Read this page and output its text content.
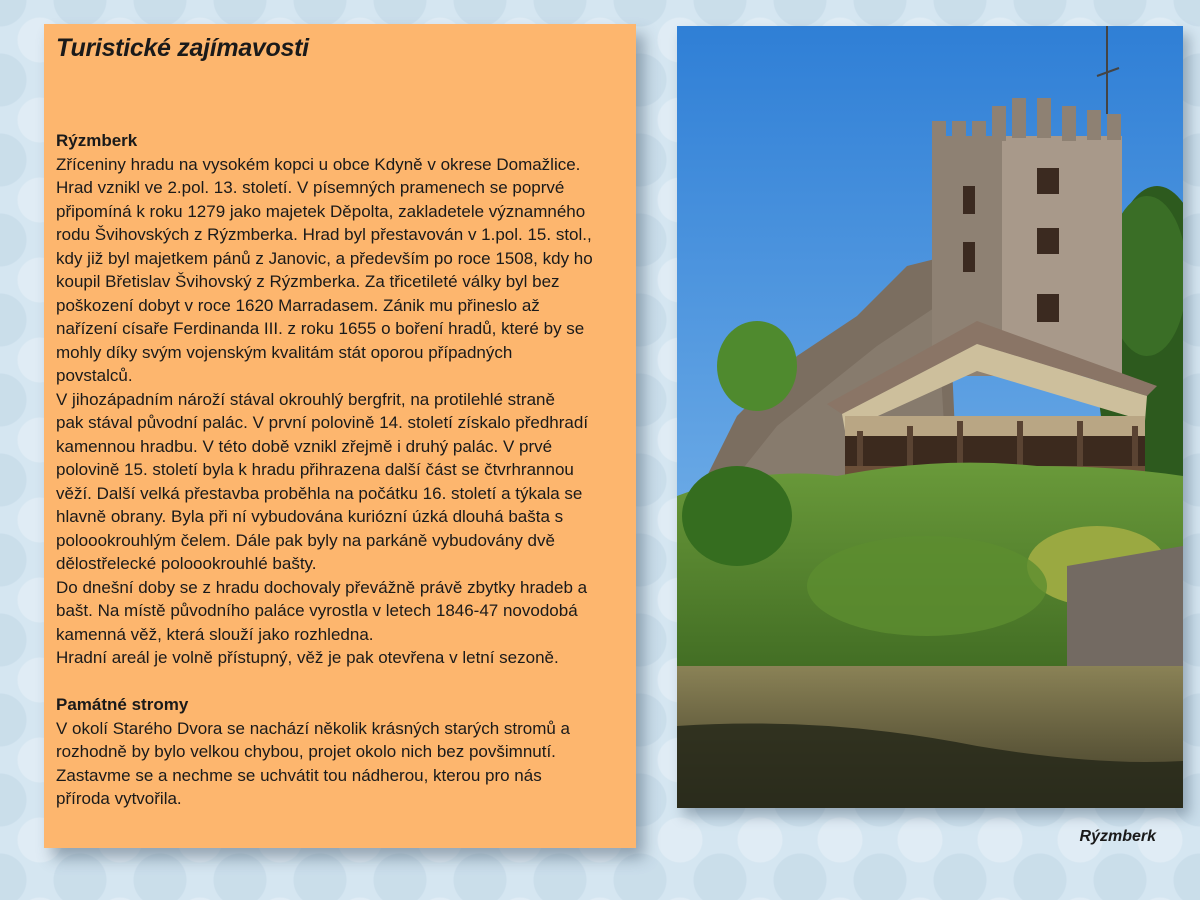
Turistické zajímavosti

Rýzmberk

Zříceniny hradu na vysokém kopci u obce Kdyně v okrese Domažlice.
Hrad vznikl ve 2.pol. 13. století. V písemných pramenech se poprvé
připomíná k roku 1279 jako majetek Děpolta, zakladetele významného
rodu Švihovských z Rýzmberka. Hrad byl přestavován v 1.pol. 15. stol.,
kdy již byl majetkem pánů z Janovic, a především po roce 1508, kdy ho
koupil Břetislav Švihovský z Rýzmberka. Za třicetileté války byl bez
poškození dobyt v roce 1620 Marradasem. Zánik mu přineslo až
nařízení císaře Ferdinanda III. z roku 1655 o boření hradů, které by se
mohly díky svým vojenským kvalitám stát oporou případných
povstalců.

V jihozápadním nároží stával okrouhlý bergfrit, na protilehlé straně
pak stával původní palác. V první polovině 14. století získalo předhradí
kamennou hradbu. V této době vznikl zřejmě i druhý palác. V prvé
polovině 15. století byla k hradu přihrazena další část se čtvrhrannou
věží. Další velká přestavba proběhla na počátku 16. století a týkala se
hlavně obrany. Byla při ní vybudována kuriózní úzká dlouhá bašta s
poloookrouhlým čelem. Dále pak byly na parkáně vybudovány dvě
dělostřelecké poloookrouhlé bašty.

Do dnešní doby se z hradu dochovaly převážně právě zbytky hradeb a
bašt. Na místě původního paláce vyrostla v letech 1846-47 novodobá
kamenná věž, která slouží jako rozhledna.

Hradní areál je volně přístupný, věž je pak otevřena v letní sezoně.

Památné stromy

V okolí Starého Dvora se nachází několik krásných starých stromů a
rozhodně by bylo velkou chybou, projet okolo nich bez povšimnutí.
Zastavme se a nechme se uchvátit tou nádherou, kterou pro nás
příroda vytvořila.

Rýzmberk
